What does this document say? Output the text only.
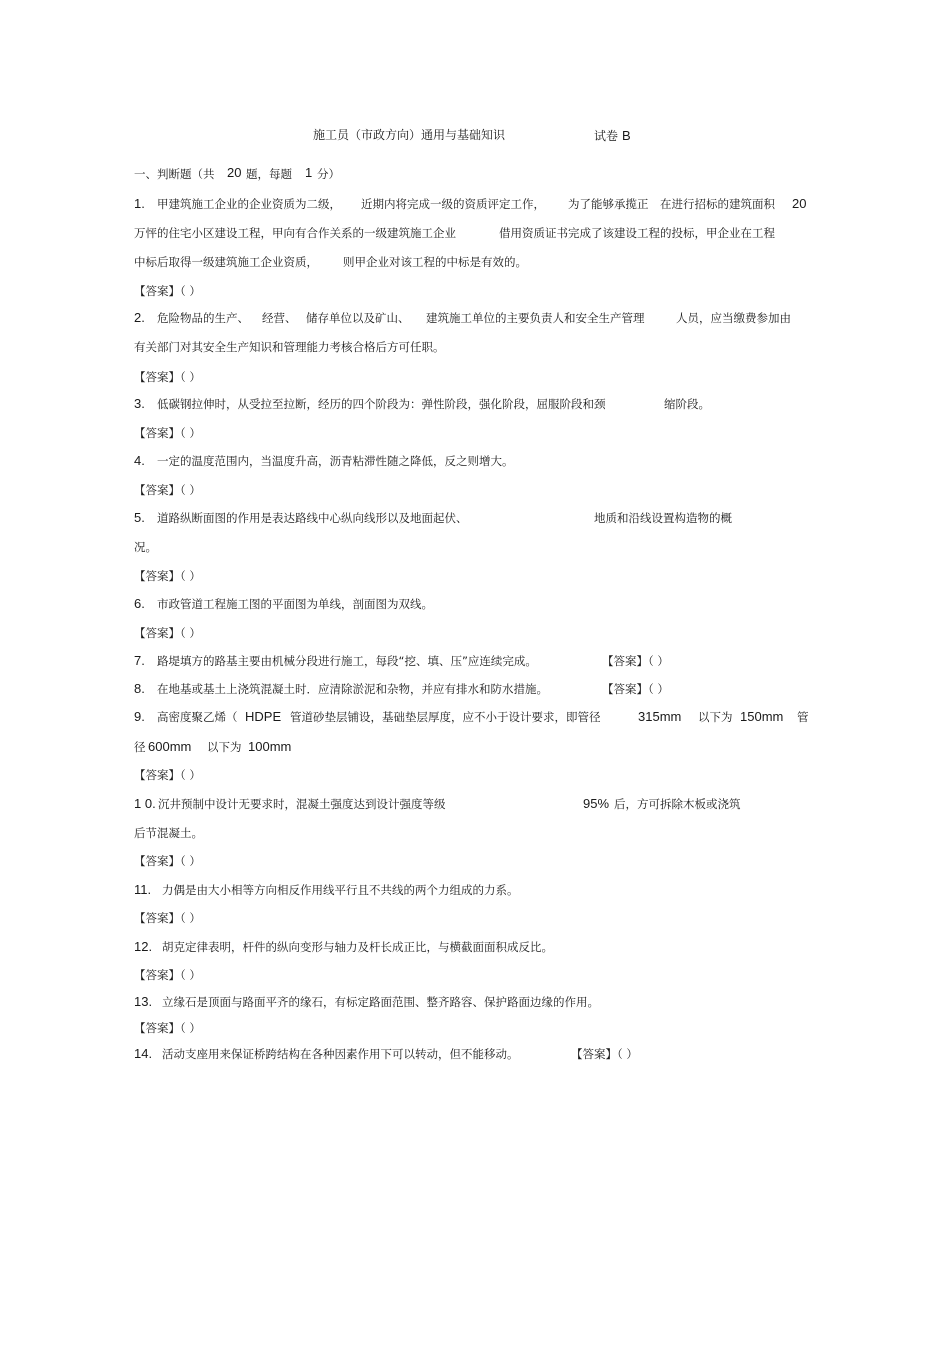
施工员（市政方向）通用与基础知识	试卷 B
一、判断题（共 20 题，每题 1 分）
1. 甲建筑施工企业的企业资质为二级， 近期内将完成一级的资质评定工作， 为了能够承揽正 在进行招标的建筑面积 20
万怦的住宅小区建设工程，甲向有合作关系的一级建筑施工企业	借用资质证书完成了该建设工程的投标，甲企业在工程
中标后取得一级建筑施工企业资质， 则甲企业对该工程的中标是有效的。
【答案】（ ）
2. 危险物品的生产、 经营、 储存单位以及矿山、 建筑施工单位的主要负责人和安全生产管理	人员，应当缴费参加由
有关部门对其安全生产知识和管理能力考核合格后方可任职。
【答案】（ ）
3. 低碳钢拉伸时，从受拉至拉断，经历的四个阶段为：弹性阶段，强化阶段，屈服阶段和颈	缩阶段。
【答案】（ ）
4. 一定的温度范围内，当温度升高，沥青粘滞性随之降低，反之则增大。
【答案】（ ）
5. 道路纵断面图的作用是表达路线中心纵向线形以及地面起伏、	地质和沿线设置构造物的概
况。
【答案】（ ）
6. 市政管道工程施工图的平面图为单线，剖面图为双线。
【答案】（ ）
7. 路堤填方的路基主要由机械分段进行施工，每段“挖、填、压”应连续完成。	【答案】（ ）
8. 在地基或基土上浇筑混凝土时．应清除淤泥和杂物，并应有排水和防水措施。	【答案】（ ）
9. 高密度聚乙烯（ HDPE 管道砂垫层铺设，基础垫层厚度，应不小于设计要求，即管径	315mm 以下为 150mm 管
径 600mm 以下为 100mm
【答案】（ ）
1 0. 沉井预制中设计无要求时，混凝土强度达到设计强度等级	95% 后，方可拆除木板或浇筑
后节混凝土。
【答案】（ ）
11. 力偶是由大小相等方向相反作用线平行且不共线的两个力组成的力系。
【答案】（ ）
12. 胡克定律表明，杆件的纵向变形与轴力及杆长成正比，与横截面面积成反比。
【答案】（ ）
13. 立缘石是顶面与路面平齐的缘石，有标定路面范围、整齐路容、保护路面边缘的作用。
【答案】（ ）
14. 活动支座用来保证桥跨结构在各种因素作用下可以转动，但不能移动。	【答案】（ ）
